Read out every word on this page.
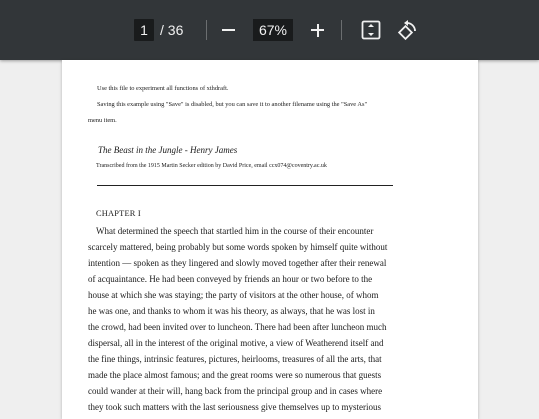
1 / 36	67%
Use this file to experiment all functions of xthdraft.
Saving this example using "Save" is disabled, but you can save it to another filename using the "Save As"
menu item.
The Beast in the Jungle - Henry James
Transcribed from the 1915 Martin Secker edition by David Price, email ccx074@coventry.ac.uk
CHAPTER I
What determined the speech that startled him in the course of their encounter
scarcely mattered, being probably but some words spoken by himself quite without
intention — spoken as they lingered and slowly moved together after their renewal
of acquaintance. He had been conveyed by friends an hour or two before to the
house at which she was staying; the party of visitors at the other house, of whom
he was one, and thanks to whom it was his theory, as always, that he was lost in
the crowd, had been invited over to luncheon. There had been after luncheon much
dispersal, all in the interest of the original motive, a view of Weatherend itself and
the fine things, intrinsic features, pictures, heirlooms, treasures of all the arts, that
made the place almost famous; and the great rooms were so numerous that guests
could wander at their will, hang back from the principal group and in cases where
they took such matters with the last seriousness give themselves up to mysterious
